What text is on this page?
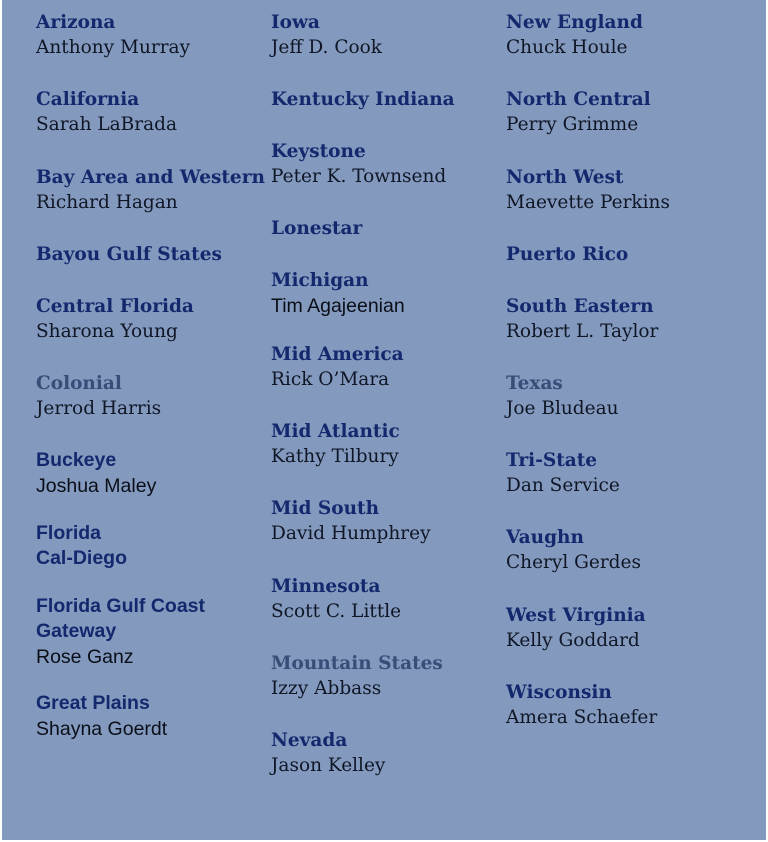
Arizona
Anthony Murray
California
Sarah LaBrada
Bay Area and Western
Richard Hagan
Bayou Gulf States
Central Florida
Sharona Young
Colonial
Jerrod Harris
Buckeye
Joshua Maley
Florida
Cal-Diego
Florida Gulf Coast
Gateway
Rose Ganz
Great Plains
Shayna Goerdt
Iowa
Jeff D. Cook
Kentucky Indiana
Keystone
Peter K. Townsend
Lonestar
Michigan
Tim Agajeenian
Mid America
Rick O’Mara
Mid Atlantic
Kathy Tilbury
Mid South
David Humphrey
Minnesota
Scott C. Little
Mountain States
Izzy Abbass
Nevada
Jason Kelley
New England
Chuck Houle
North Central
Perry Grimme
North West
Maevette Perkins
Puerto Rico
South Eastern
Robert L. Taylor
Texas
Joe Bludeau
Tri-State
Dan Service
Vaughn
Cheryl Gerdes
West Virginia
Kelly Goddard
Wisconsin
Amera Schaefer
